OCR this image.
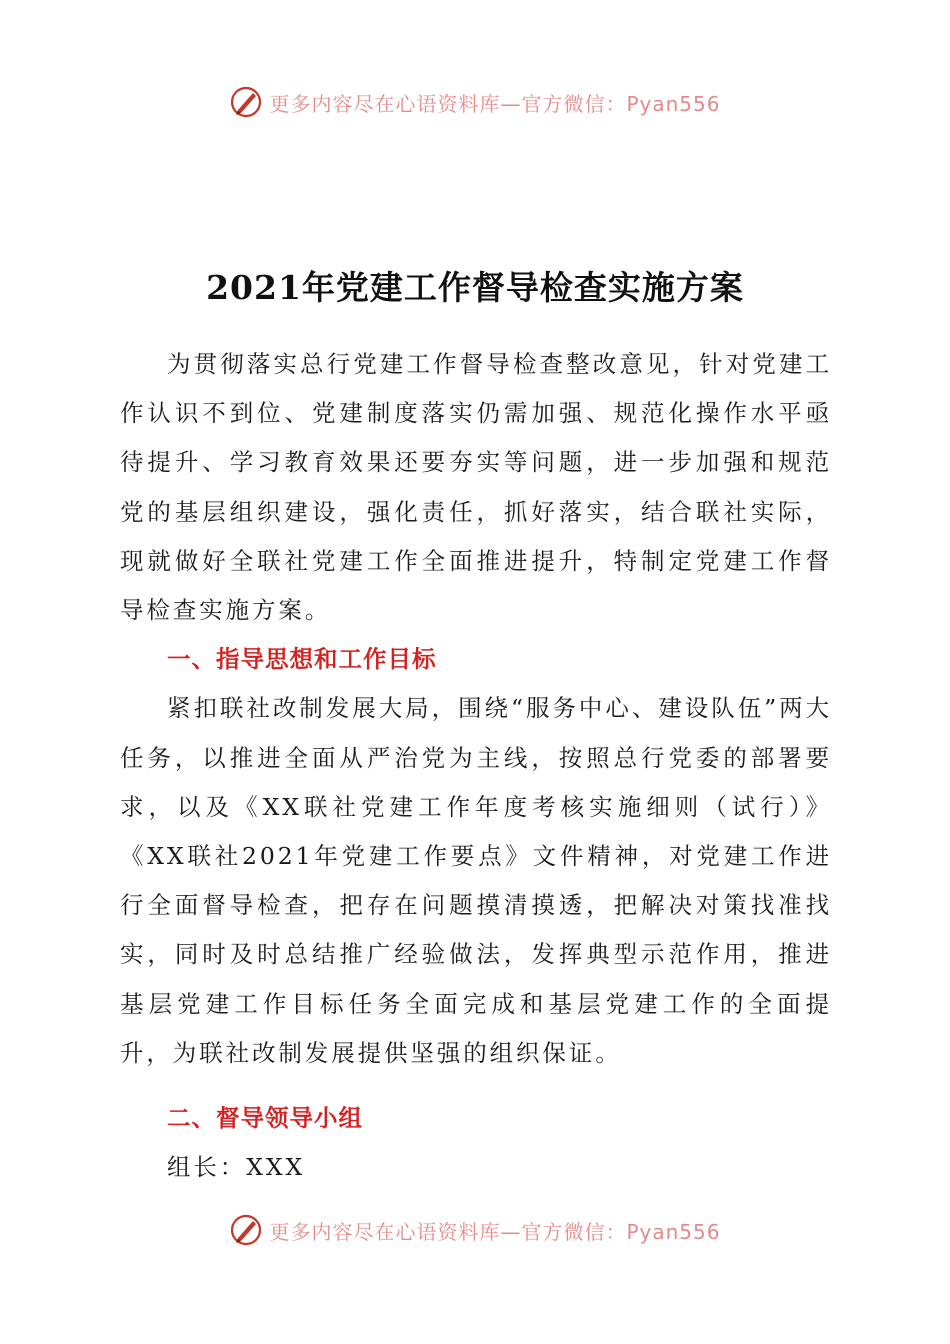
更多内容尽在心语资料库—官方微信：Pyan556
2021年党建工作督导检查实施方案

为贯彻落实总行党建工作督导检查整改意见，针对党建工作认识不到位、党建制度落实仍需加强、规范化操作水平亟待提升、学习教育效果还要夯实等问题，进一步加强和规范党的基层组织建设，强化责任，抓好落实，结合联社实际，现就做好全联社党建工作全面推进提升，特制定党建工作督导检查实施方案。

一、指导思想和工作目标

紧扣联社改制发展大局，围绕“服务中心、建设队伍”两大任务，以推进全面从严治党为主线，按照总行党委的部署要求，以及《XX联社党建工作年度考核实施细则（试行）》《XX联社2021年党建工作要点》文件精神，对党建工作进行全面督导检查，把存在问题摸清摸透，把解决对策找准找实，同时及时总结推广经验做法，发挥典型示范作用，推进基层党建工作目标任务全面完成和基层党建工作的全面提升，为联社改制发展提供坚强的组织保证。

二、督导领导小组

组长：XXX

更多内容尽在心语资料库—官方微信：Pyan556
